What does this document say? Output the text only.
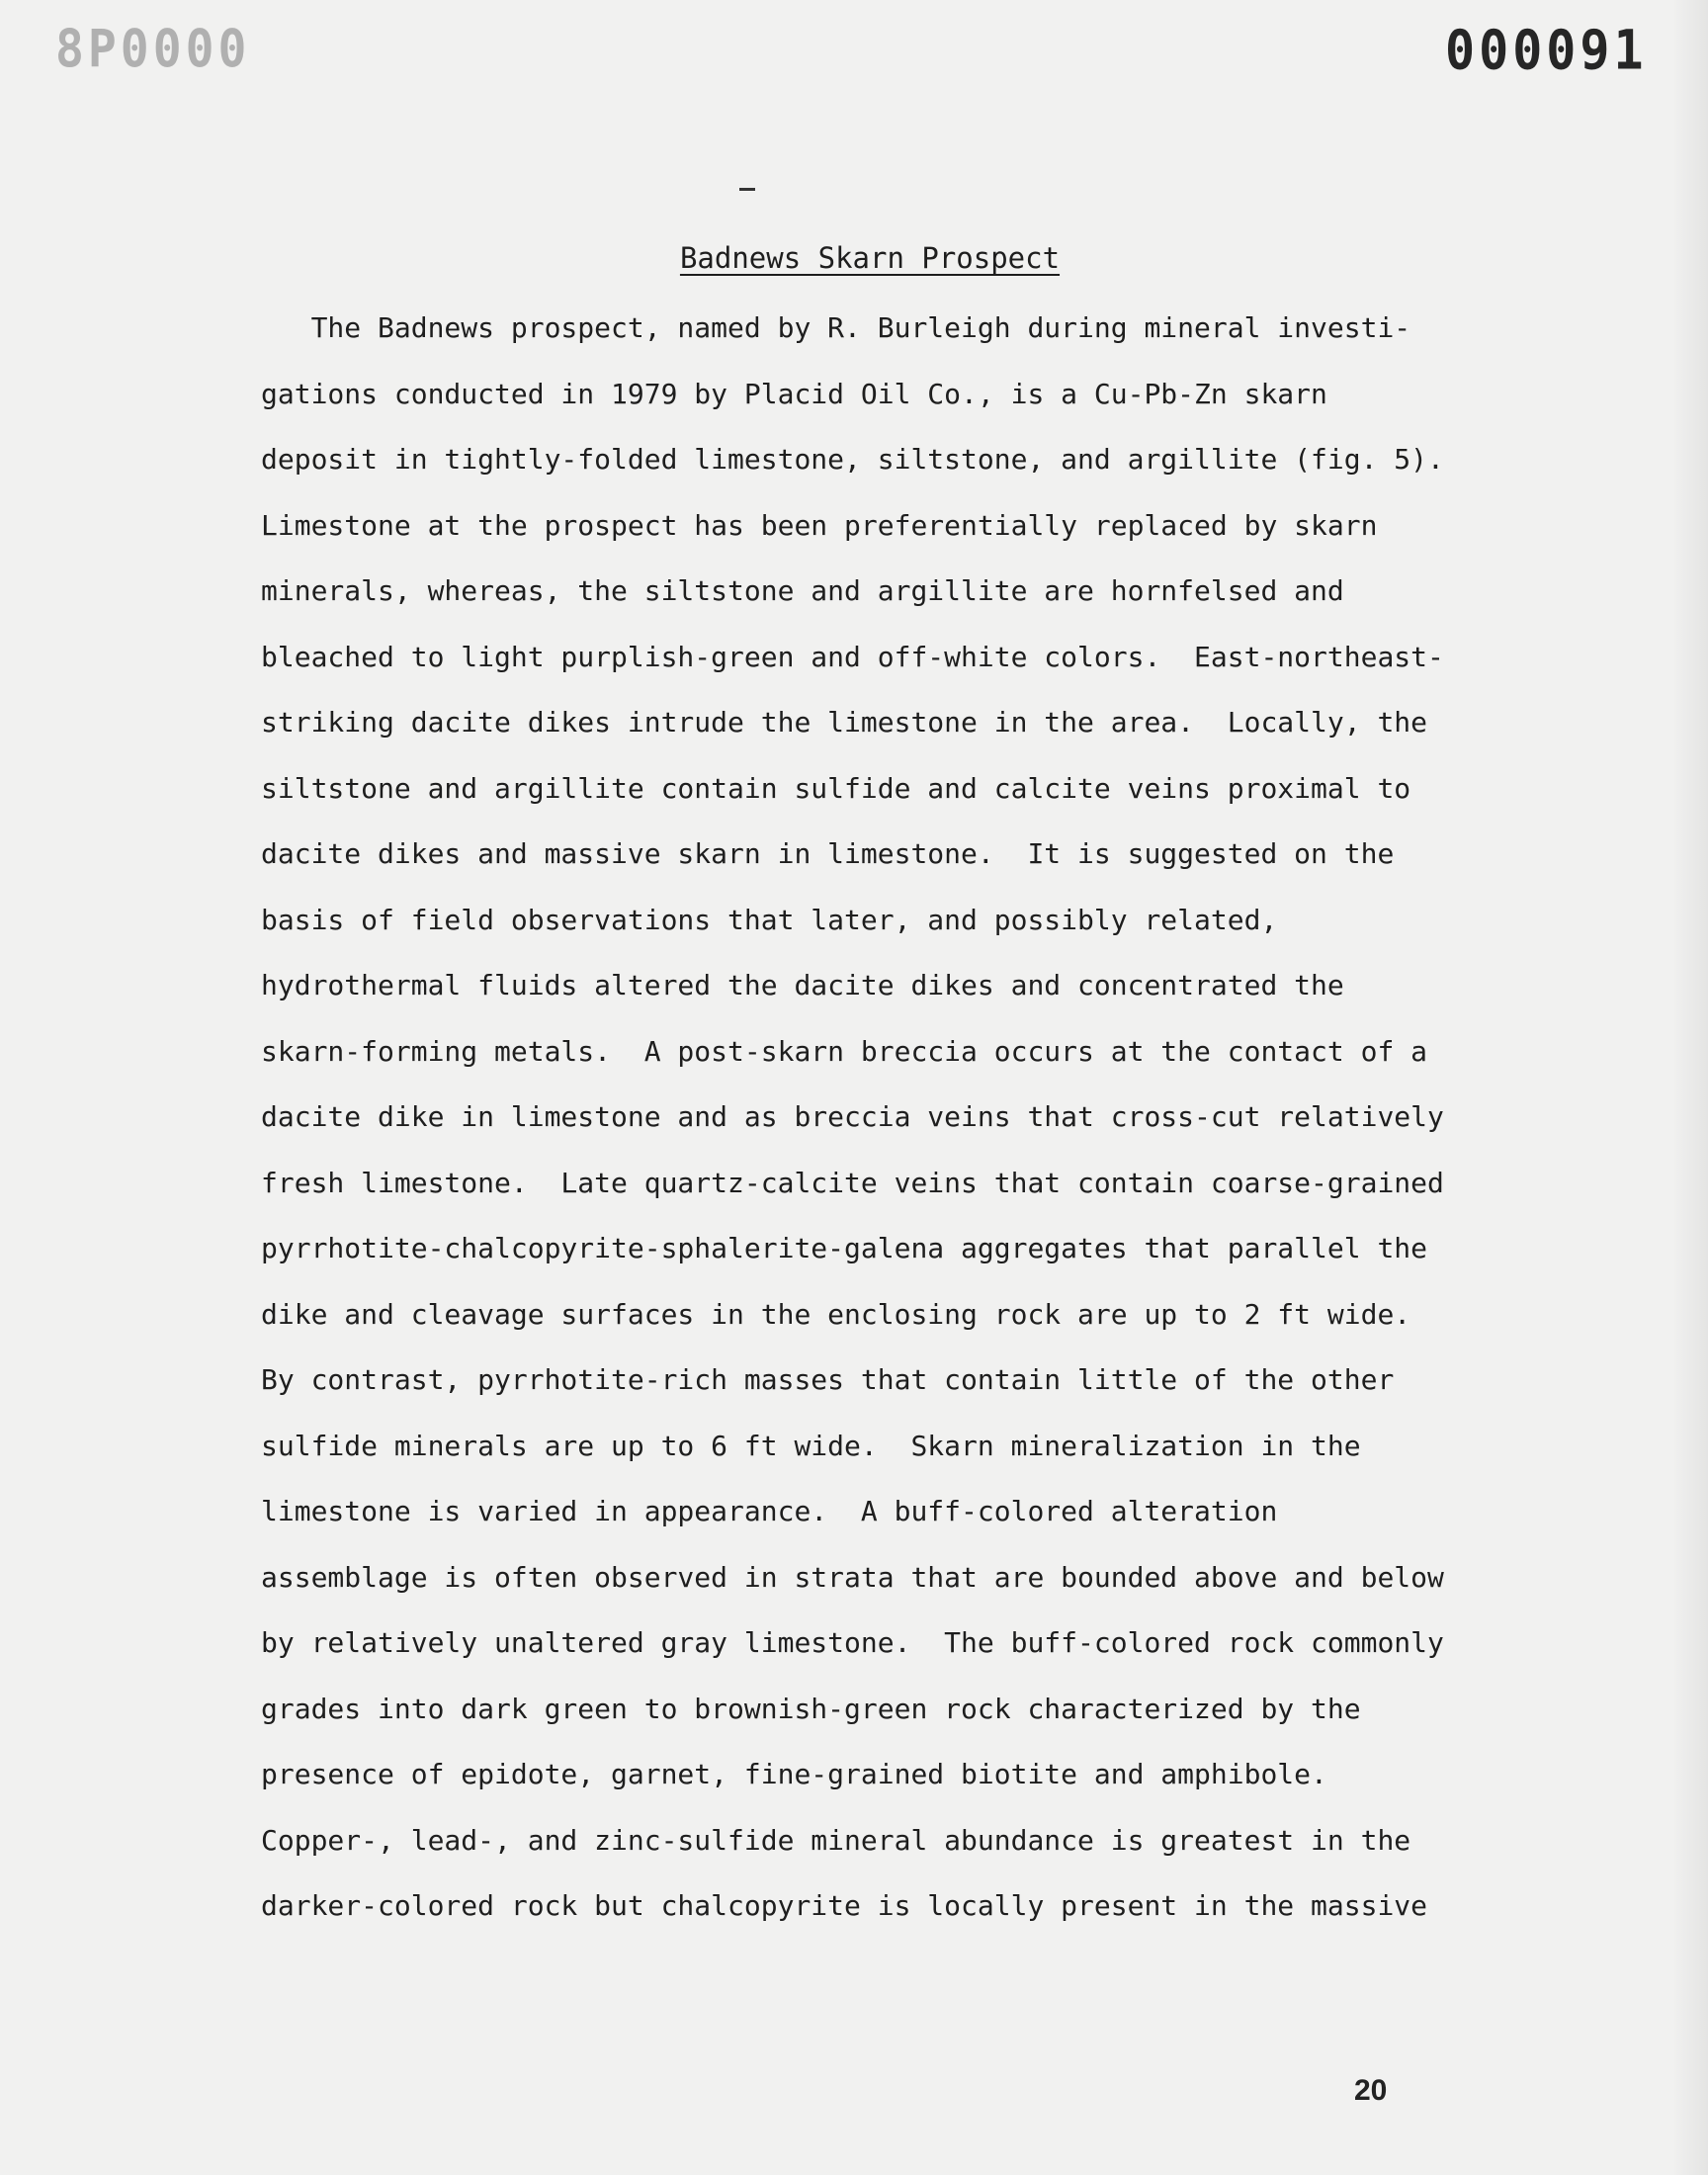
8P0000	000091
Badnews Skarn Prospect
The Badnews prospect, named by R. Burleigh during mineral investi-
gations conducted in 1979 by Placid Oil Co., is a Cu-Pb-Zn skarn
deposit in tightly-folded limestone, siltstone, and argillite (fig. 5).
Limestone at the prospect has been preferentially replaced by skarn
minerals, whereas, the siltstone and argillite are hornfelsed and
bleached to light purplish-green and off-white colors.  East-northeast-
striking dacite dikes intrude the limestone in the area.  Locally, the
siltstone and argillite contain sulfide and calcite veins proximal to
dacite dikes and massive skarn in limestone.  It is suggested on the
basis of field observations that later, and possibly related,
hydrothermal fluids altered the dacite dikes and concentrated the
skarn-forming metals.  A post-skarn breccia occurs at the contact of a
dacite dike in limestone and as breccia veins that cross-cut relatively
fresh limestone.  Late quartz-calcite veins that contain coarse-grained
pyrrhotite-chalcopyrite-sphalerite-galena aggregates that parallel the
dike and cleavage surfaces in the enclosing rock are up to 2 ft wide.
By contrast, pyrrhotite-rich masses that contain little of the other
sulfide minerals are up to 6 ft wide.  Skarn mineralization in the
limestone is varied in appearance.  A buff-colored alteration
assemblage is often observed in strata that are bounded above and below
by relatively unaltered gray limestone.  The buff-colored rock commonly
grades into dark green to brownish-green rock characterized by the
presence of epidote, garnet, fine-grained biotite and amphibole.
Copper-, lead-, and zinc-sulfide mineral abundance is greatest in the
darker-colored rock but chalcopyrite is locally present in the massive
20
